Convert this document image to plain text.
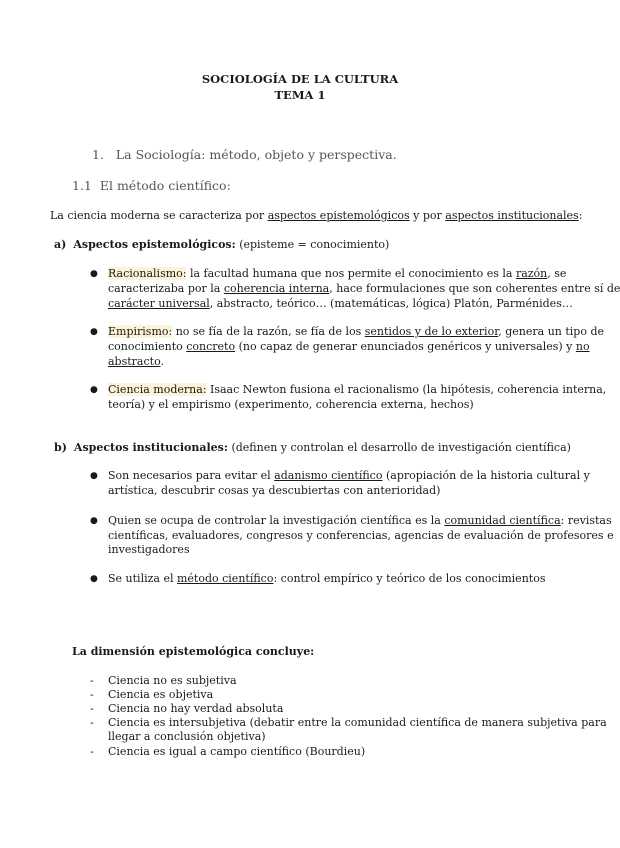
SOCIOLOGÍA DE LA CULTURA
TEMA 1
1. La Sociología: método, objeto y perspectiva.
1.1 El método científico:
La ciencia moderna se caracteriza por aspectos epistemológicos y por aspectos institucionales:
a) Aspectos epistemológicos: (episteme = conocimiento)
● Racionalismo: la facultad humana que nos permite el conocimiento es la razón, se
caracterizaba por la coherencia interna, hace formulaciones que son coherentes entre sí de
carácter universal, abstracto, teórico… (matemáticas, lógica) Platón, Parménides…
● Empirismo: no se fía de la razón, se fía de los sentidos y de lo exterior, genera un tipo de
conocimiento concreto (no capaz de generar enunciados genéricos y universales) y no
abstracto.
● Ciencia moderna: Isaac Newton fusiona el racionalismo (la hipótesis, coherencia interna,
teoría) y el empirismo (experimento, coherencia externa, hechos)
b) Aspectos institucionales: (definen y controlan el desarrollo de investigación científica)
● Son necesarios para evitar el adanismo científico (apropiación de la historia cultural y
artística, descubrir cosas ya descubiertas con anterioridad)
● Quien se ocupa de controlar la investigación científica es la comunidad científica: revistas
científicas, evaluadores, congresos y conferencias, agencias de evaluación de profesores e
investigadores
● Se utiliza el método científico: control empírico y teórico de los conocimientos
La dimensión epistemológica concluye:
- Ciencia no es subjetiva
- Ciencia es objetiva
- Ciencia no hay verdad absoluta
- Ciencia es intersubjetiva (debatir entre la comunidad científica de manera subjetiva para
llegar a conclusión objetiva)
- Ciencia es igual a campo científico (Bourdieu)
